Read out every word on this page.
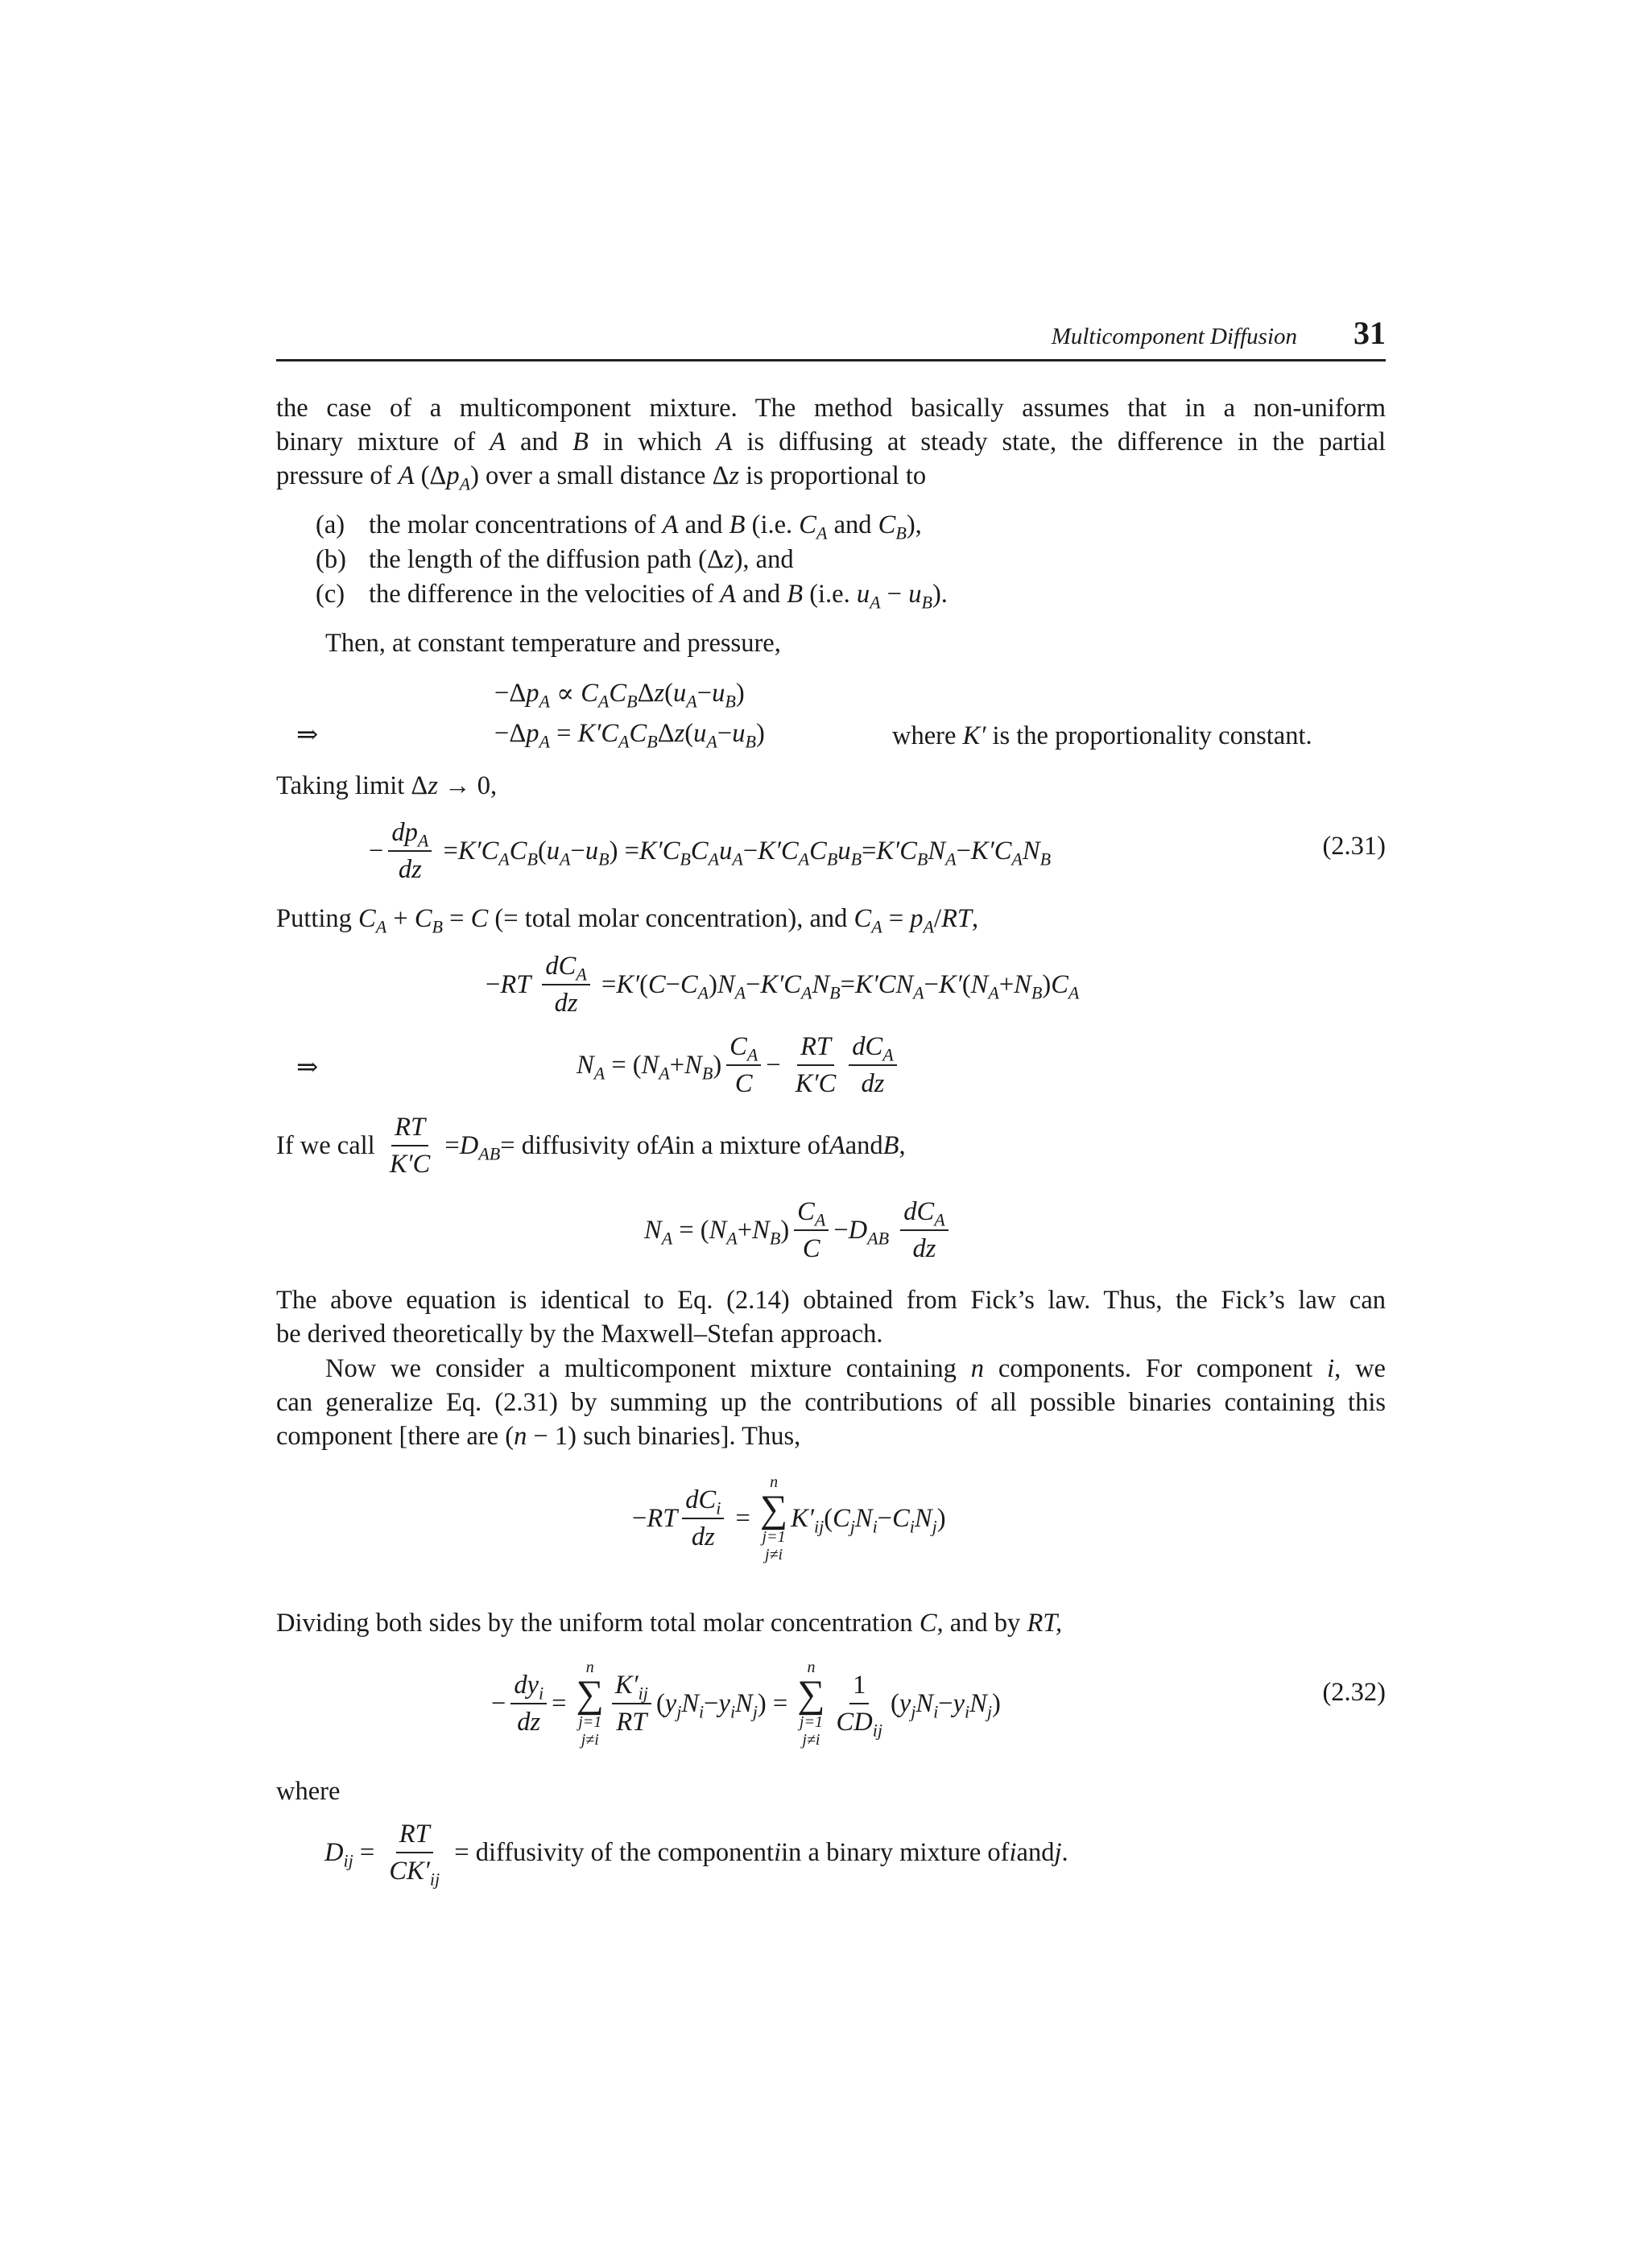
Multicomponent Diffusion 31
the case of a multicomponent mixture. The method basically assumes that in a non-uniform
binary mixture of A and B in which A is diffusing at steady state, the difference in the partial
pressure of A $(\Delta p_A)$ over a small distance Δz is proportional to
(a) the molar concentrations of A and B (i.e. $C_A$ and $C_B$),
(b) the length of the diffusion path (Δz), and
(c) the difference in the velocities of A and B (i.e. $u_A - u_B$).
Then, at constant temperature and pressure,
−Δ $p_A \propto C_AC_B$ Δ z ( $u_A - u_B$ )
⇒	−Δ $p_A = K'C_AC_B$ Δ z ( $u_A - u_B$ )	where K′ is the proportionality constant.
Taking limit Δz → 0,
− $\frac{dp_A}{dz} = K'C_AC_B$ ( $u_A - u_B$ ) = $K'C_BC_Au_A - K'C_AC_Bu_B = K'C_BN_A - K'C_AN_B$	(2.31)
Putting $C_A + C_B = C$ (= total molar concentration), and $C_A = p_A/RT$,
− RT
$\frac{dC_A}{dz} = K'$ ( $C - C_A$ ) $N_A - K'C_AN_B = K'CN_A - K'$ ( $N_A + N_B$ ) $C_A$
⇒	$N_A$ = ( $N_A + N_B$ ) $\frac{C_A}{C} - \frac{RT}{K'C} \frac{dC_A}{dz}$
If we call
$\frac{RT}{K'C} = D_{AB}$ = diffusivity of A in a mixture of A and B ,
$N_A$ = ( $N_A + N_B$ ) $\frac{C_A}{C} - D_{AB}$
$\frac{dC_A}{dz}$
The above equation is identical to Eq. (2.14) obtained from Fick’s law. Thus, the Fick’s law can
be derived theoretically by the Maxwell–Stefan approach.
Now we consider a multicomponent mixture containing n components. For component i, we
can generalize Eq. (2.31) by summing up the contributions of all possible binaries containing this
component [there are (n − 1) such binaries]. Thus,
− RT $\frac{dC_i}{dz}$ =
n
∑
j=1
j≠i
$K'_{ij}$ ( $C_jN_i - C_iN_j$ )
Dividing both sides by the uniform total molar concentration C, and by RT,
− $\frac{dy_i}{dz}$ =
n
∑
j=1
j≠i
$\frac{K'_{ij}}{RT}$ ( $y_jN_i - y_iN_j$ ) =
n
∑
j=1
j≠i
$\frac{1}{CD_{ij}}$ ( $y_jN_i - y_iN_j$ )	(2.32)
where
$D_{ij} = \frac{RT}{CK'_{ij}}$ = diffusivity of the component i in a binary mixture of i and j .
